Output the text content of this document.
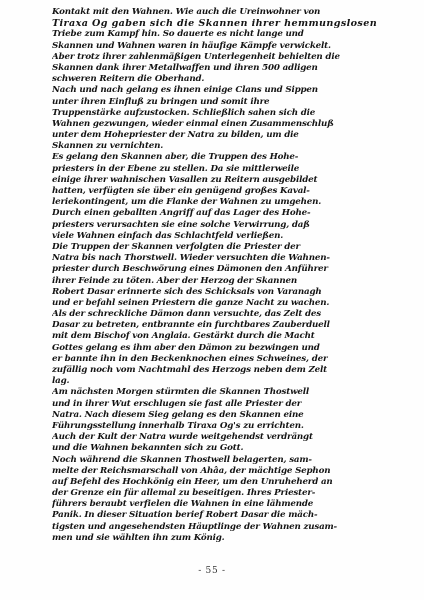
Kontakt mit den Wahnen. Wie auch die Ureinwohner von
Tiraxa Og gaben sich die Skannen ihrer hemmungslosen
Triebe zum Kampf hin. So dauerte es nicht lange und
Skannen und Wahnen waren in häufige Kämpfe verwickelt.
Aber trotz ihrer zahlenmäßigen Unterlegenheit behielten die
Skannen dank ihrer Metallwaffen und ihren 500 adligen
schweren Reitern die Oberhand.
Nach und nach gelang es ihnen einige Clans und Sippen
unter ihren Einfluß zu bringen und somit ihre
Truppenstärke aufzustocken. Schließlich sahen sich die
Wahnen gezwungen, wieder einmal einen Zusammenschluß
unter dem Hohepriester der Natra zu bilden, um die
Skannen zu vernichten.
Es gelang den Skannen aber, die Truppen des Hohe-
priesters in der Ebene zu stellen. Da sie mittlerweile
einige ihrer wahnischen Vasallen zu Reitern ausgebildet
hatten, verfügten sie über ein genügend großes Kaval-
leriekontingent, um die Flanke der Wahnen zu umgehen.
Durch einen geballten Angriff auf das Lager des Hohe-
priesters verursachten sie eine solche Verwirrung, daß
viele Wahnen einfach das Schlachtfeld verließen.
Die Truppen der Skannen verfolgten die Priester der
Natra bis nach Thorstwell. Wieder versuchten die Wahnen-
priester durch Beschwörung eines Dämonen den Anführer
ihrer Feinde zu töten. Aber der Herzog der Skannen
Robert Dasar erinnerte sich des Schicksals von Varanagh
und er befahl seinen Priestern die ganze Nacht zu wachen.
Als der schreckliche Dämon dann versuchte, das Zelt des
Dasar zu betreten, entbrannte ein furchtbares Zauberduell
mit dem Bischof von Anglaia. Gestärkt durch die Macht
Gottes gelang es ihm aber den Dämon zu bezwingen und
er bannte ihn in den Beckenknochen eines Schweines, der
zufällig noch vom Nachtmahl des Herzogs neben dem Zelt
lag.
Am nächsten Morgen stürmten die Skannen Thostwell
und in ihrer Wut erschlugen sie fast alle Priester der
Natra. Nach diesem Sieg gelang es den Skannen eine
Führungsstellung innerhalb Tiraxa Og's zu errichten.
Auch der Kult der Natra wurde weitgehendst verdrängt
und die Wahnen bekannten sich zu Gott.
Noch während die Skannen Thostwell belagerten, sam-
melte der Reichsmarschall von Ahâa, der mächtige Sephon
auf Befehl des Hochkönig ein Heer, um den Unruheherd an
der Grenze ein für allemal zu beseitigen. Ihres Priester-
führers beraubt verfielen die Wahnen in eine lähmende
Panik. In dieser Situation berief Robert Dasar die mäch-
tigsten und angesehendsten Häuptlinge der Wahnen zusam-
men und sie wählten ihn zum König.
- 55 -
